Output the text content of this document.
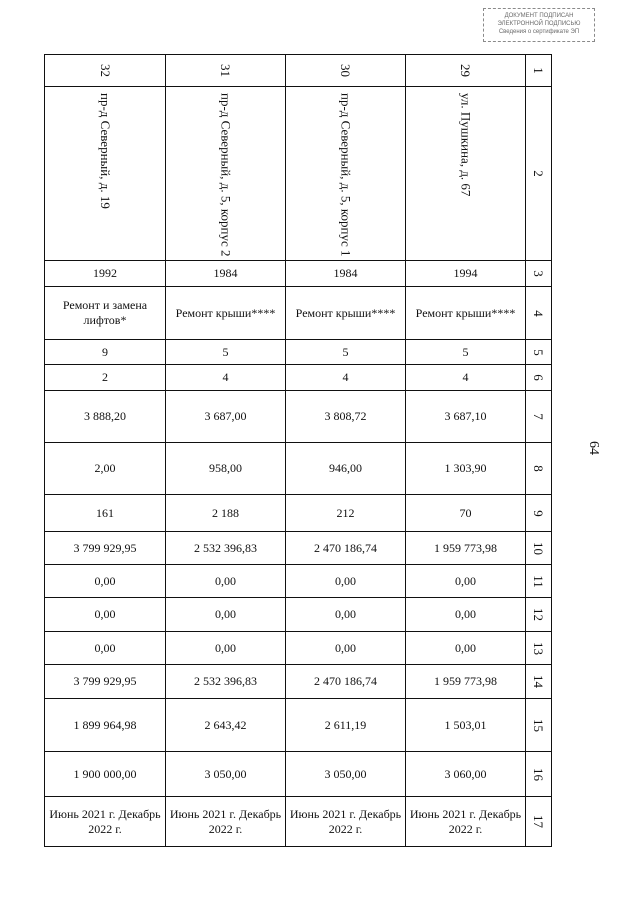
ДОКУМЕНТ ПОДПИСАН
ЭЛЕКТРОННОЙ ПОДПИСЬЮ
Сведения о сертификате ЭП
64
32	31	30	29	1
пр-д Северный, д. 19	пр-д Северный, д. 5, корпус 2	пр-д Северный, д. 5, корпус 1	ул. Пушкина, д. 67	2
1992	1984	1984	1994	3
Ремонт и замена лифтов*	Ремонт крыши****	Ремонт крыши****	Ремонт крыши****	4
9	5	5	5	5
2	4	4	4	6
3 888,20	3 687,00	3 808,72	3 687,10	7
2,00	958,00	946,00	1 303,90	8
161	2 188	212	70	9
3 799 929,95	2 532 396,83	2 470 186,74	1 959 773,98	10
0,00	0,00	0,00	0,00	11
0,00	0,00	0,00	0,00	12
0,00	0,00	0,00	0,00	13
3 799 929,95	2 532 396,83	2 470 186,74	1 959 773,98	14
1 899 964,98	2 643,42	2 611,19	1 503,01	15
1 900 000,00	3 050,00	3 050,00	3 060,00	16
Июнь 2021 г. Декабрь 2022 г.	Июнь 2021 г. Декабрь 2022 г.	Июнь 2021 г. Декабрь 2022 г.	Июнь 2021 г. Декабрь 2022 г.	17
